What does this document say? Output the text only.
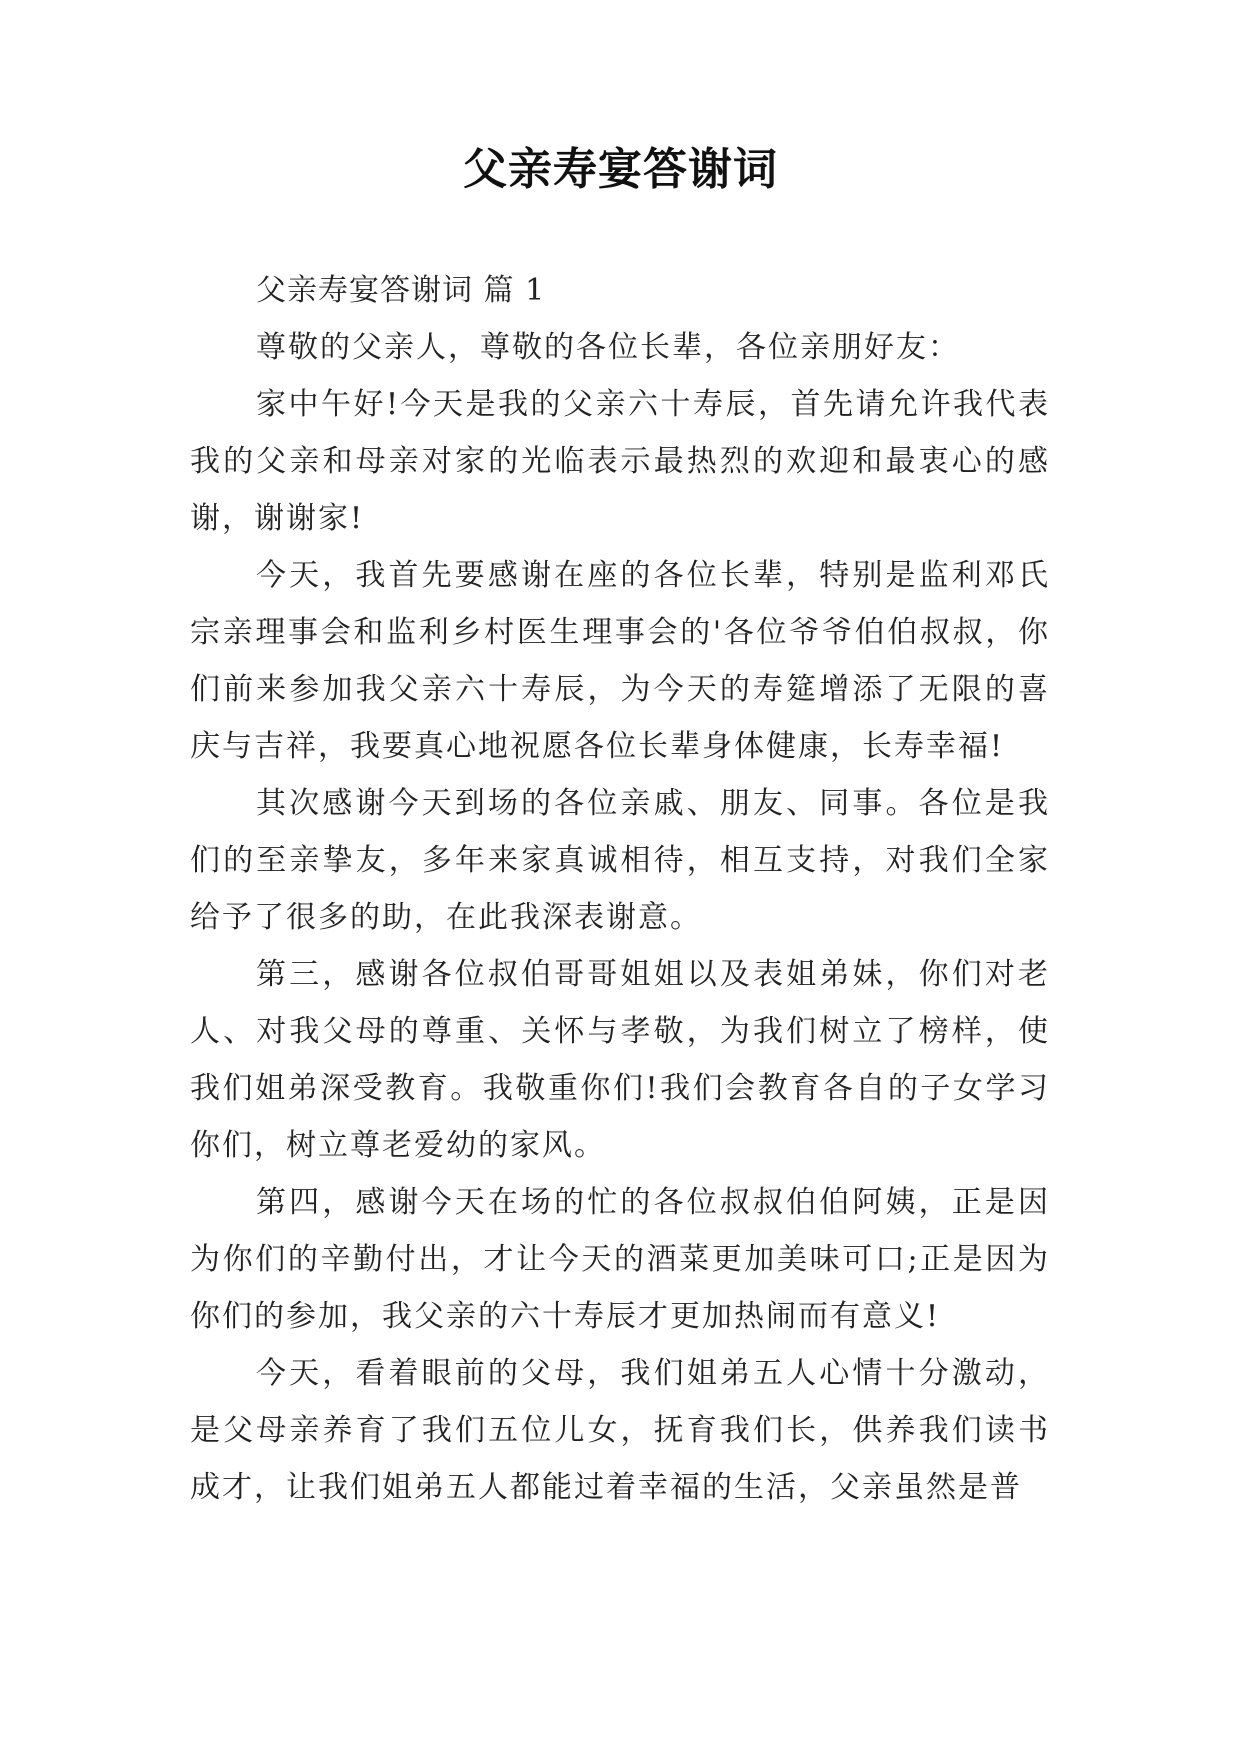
父亲寿宴答谢词

父亲寿宴答谢词 篇 1

尊敬的父亲人，尊敬的各位长辈，各位亲朋好友：

家中午好!今天是我的父亲六十寿辰，首先请允许我代表我的父亲和母亲对家的光临表示最热烈的欢迎和最衷心的感谢，谢谢家!

今天，我首先要感谢在座的各位长辈，特别是监利邓氏宗亲理事会和监利乡村医生理事会的'各位爷爷伯伯叔叔，你们前来参加我父亲六十寿辰，为今天的寿筵增添了无限的喜庆与吉祥，我要真心地祝愿各位长辈身体健康，长寿幸福!

其次感谢今天到场的各位亲戚、朋友、同事。各位是我们的至亲挚友，多年来家真诚相待，相互支持，对我们全家给予了很多的助，在此我深表谢意。

第三，感谢各位叔伯哥哥姐姐以及表姐弟妹，你们对老人、对我父母的尊重、关怀与孝敬，为我们树立了榜样，使我们姐弟深受教育。我敬重你们!我们会教育各自的子女学习你们，树立尊老爱幼的家风。

第四，感谢今天在场的忙的各位叔叔伯伯阿姨，正是因为你们的辛勤付出，才让今天的酒菜更加美味可口;正是因为你们的参加，我父亲的六十寿辰才更加热闹而有意义!

今天，看着眼前的父母，我们姐弟五人心情十分激动，是父母亲养育了我们五位儿女，抚育我们长，供养我们读书成才，让我们姐弟五人都能过着幸福的生活，父亲虽然是普
